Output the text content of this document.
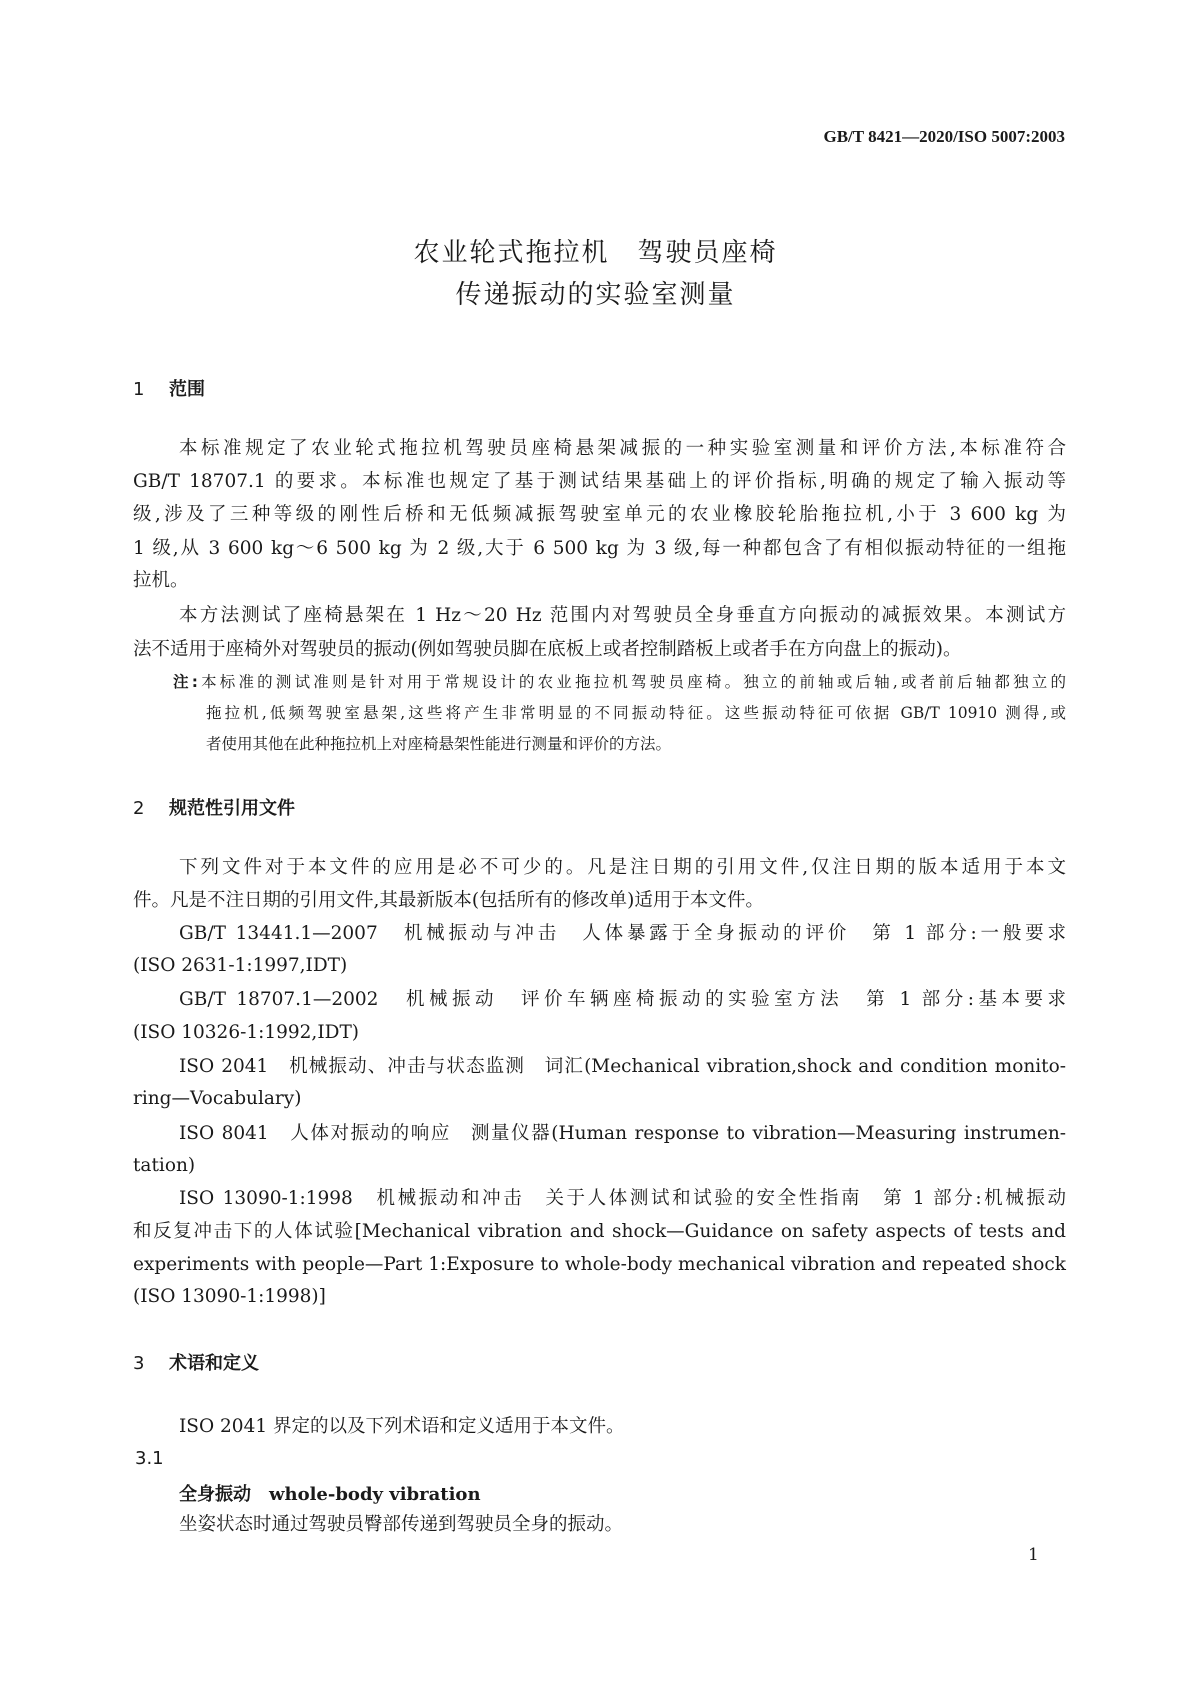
GB/T 8421—2020/ISO 5007:2003
农业轮式拖拉机　驾驶员座椅
传递振动的实验室测量
1 范围
本标准规定了农业轮式拖拉机驾驶员座椅悬架减振的一种实验室测量和评价方法,本标准符合
GB/T 18707.1 的要求。本标准也规定了基于测试结果基础上的评价指标,明确的规定了输入振动等
级,涉及了三种等级的刚性后桥和无低频减振驾驶室单元的农业橡胶轮胎拖拉机,小于 3 600 kg 为
1 级,从 3 600 kg～6 500 kg 为 2 级,大于 6 500 kg 为 3 级,每一种都包含了有相似振动特征的一组拖
拉机。
本方法测试了座椅悬架在 1 Hz～20 Hz 范围内对驾驶员全身垂直方向振动的减振效果。本测试方
法不适用于座椅外对驾驶员的振动(例如驾驶员脚在底板上或者控制踏板上或者手在方向盘上的振动)。
注:本标准的测试准则是针对用于常规设计的农业拖拉机驾驶员座椅。独立的前轴或后轴,或者前后轴都独立的
拖拉机,低频驾驶室悬架,这些将产生非常明显的不同振动特征。这些振动特征可依据 GB/T 10910 测得,或
者使用其他在此种拖拉机上对座椅悬架性能进行测量和评价的方法。
2 规范性引用文件
下列文件对于本文件的应用是必不可少的。凡是注日期的引用文件,仅注日期的版本适用于本文
件。凡是不注日期的引用文件,其最新版本(包括所有的修改单)适用于本文件。
GB/T 13441.1—2007　机械振动与冲击　人体暴露于全身振动的评价　第 1 部分:一般要求
(ISO 2631-1:1997,IDT)
GB/T 18707.1—2002　机械振动　评价车辆座椅振动的实验室方法　第 1 部分:基本要求
(ISO 10326-1:1992,IDT)
ISO 2041　机械振动、冲击与状态监测　词汇(Mechanical vibration,shock and condition monito-
ring—Vocabulary)
ISO 8041　人体对振动的响应　测量仪器(Human response to vibration—Measuring instrumen-
tation)
ISO 13090-1:1998　机械振动和冲击　关于人体测试和试验的安全性指南　第 1 部分:机械振动
和反复冲击下的人体试验[Mechanical vibration and shock—Guidance on safety aspects of tests and
experiments with people—Part 1:Exposure to whole-body mechanical vibration and repeated shock
(ISO 13090-1:1998)]
3 术语和定义
ISO 2041 界定的以及下列术语和定义适用于本文件。
3.1
全身振动　 whole-body vibration
坐姿状态时通过驾驶员臀部传递到驾驶员全身的振动。
1
